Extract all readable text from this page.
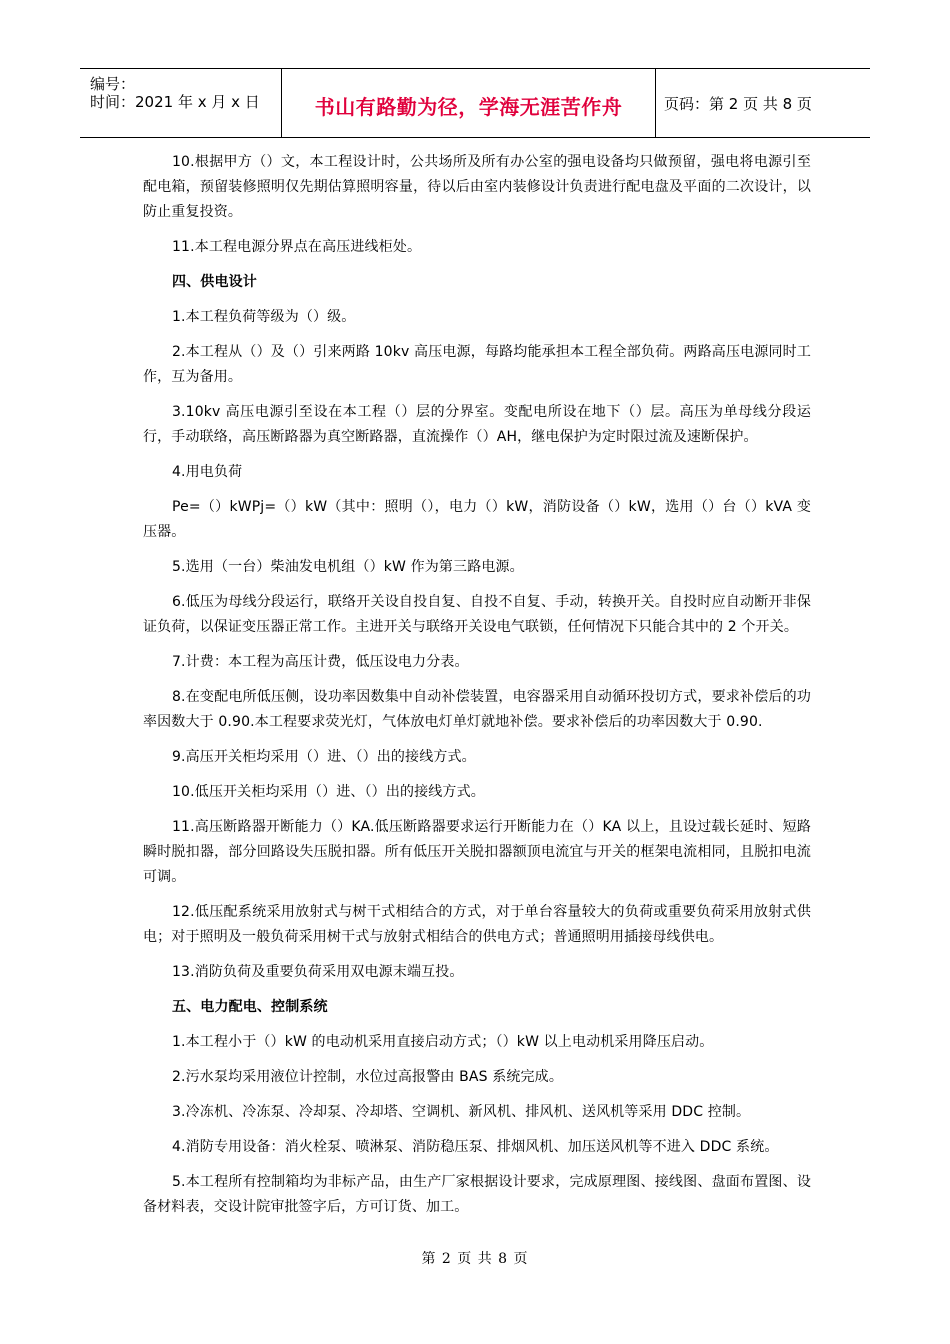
编号：
时间：2021 年 x 月 x 日	书山有路勤为径，学海无涯苦作舟	页码：第 2 页 共 8 页

10.根据甲方（）文，本工程设计时，公共场所及所有办公室的强电设备均只做预留，强电将电源引至配电箱，预留装修照明仅先期估算照明容量，待以后由室内装修设计负责进行配电盘及平面的二次设计，以防止重复投资。

11.本工程电源分界点在高压进线柜处。

四、供电设计

1.本工程负荷等级为（）级。

2.本工程从（）及（）引来两路 10kv 高压电源，每路均能承担本工程全部负荷。两路高压电源同时工作，互为备用。

3.10kv 高压电源引至设在本工程（）层的分界室。变配电所设在地下（）层。高压为单母线分段运行，手动联络，高压断路器为真空断路器，直流操作（）AH，继电保护为定时限过流及速断保护。

4.用电负荷

Pe=（）kWPj=（）kW（其中：照明（），电力（）kW，消防设备（）kW，选用（）台（）kVA 变压器。

5.选用（一台）柴油发电机组（）kW 作为第三路电源。

6.低压为母线分段运行，联络开关设自投自复、自投不自复、手动，转换开关。自投时应自动断开非保证负荷，以保证变压器正常工作。主进开关与联络开关设电气联锁，任何情况下只能合其中的 2 个开关。

7.计费：本工程为高压计费，低压设电力分表。

8.在变配电所低压侧，设功率因数集中自动补偿装置，电容器采用自动循环投切方式，要求补偿后的功率因数大于 0.90.本工程要求荧光灯，气体放电灯单灯就地补偿。要求补偿后的功率因数大于 0.90.

9.高压开关柜均采用（）进、（）出的接线方式。

10.低压开关柜均采用（）进、（）出的接线方式。

11.高压断路器开断能力（）KA.低压断路器要求运行开断能力在（）KA 以上，且设过载长延时、短路瞬时脱扣器，部分回路设失压脱扣器。所有低压开关脱扣器额顶电流宜与开关的框架电流相同，且脱扣电流可调。

12.低压配系统采用放射式与树干式相结合的方式，对于单台容量较大的负荷或重要负荷采用放射式供电；对于照明及一般负荷采用树干式与放射式相结合的供电方式；普通照明用插接母线供电。

13.消防负荷及重要负荷采用双电源末端互投。

五、电力配电、控制系统

1.本工程小于（）kW 的电动机采用直接启动方式；（）kW 以上电动机采用降压启动。

2.污水泵均采用液位计控制，水位过高报警由 BAS 系统完成。

3.冷冻机、冷冻泵、冷却泵、冷却塔、空调机、新风机、排风机、送风机等采用 DDC 控制。

4.消防专用设备：消火栓泵、喷淋泵、消防稳压泵、排烟风机、加压送风机等不进入 DDC 系统。

5.本工程所有控制箱均为非标产品，由生产厂家根据设计要求，完成原理图、接线图、盘面布置图、设备材料表，交设计院审批签字后，方可订货、加工。

第 2 页 共 8 页
